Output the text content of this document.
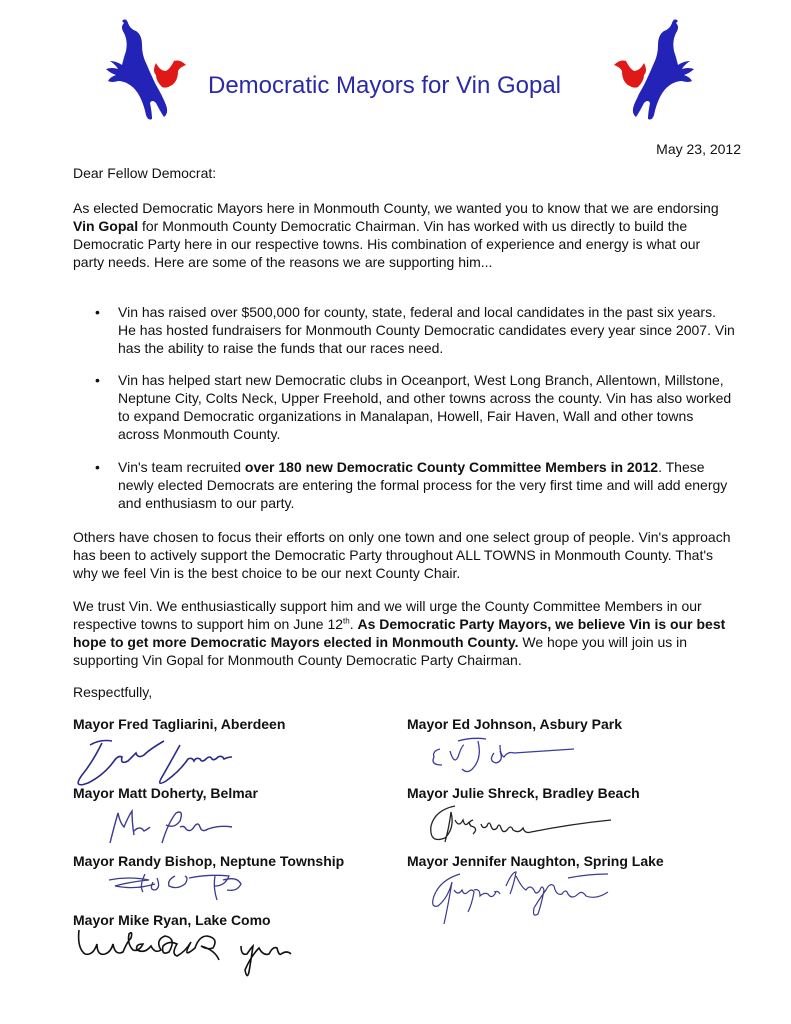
Democratic Mayors for Vin Gopal
May 23, 2012
Dear Fellow Democrat:
As elected Democratic Mayors here in Monmouth County, we wanted you to know that we are endorsing Vin Gopal for Monmouth County Democratic Chairman. Vin has worked with us directly to build the Democratic Party here in our respective towns. His combination of experience and energy is what our party needs. Here are some of the reasons we are supporting him...
• Vin has raised over $500,000 for county, state, federal and local candidates in the past six years. He has hosted fundraisers for Monmouth County Democratic candidates every year since 2007. Vin has the ability to raise the funds that our races need.
• Vin has helped start new Democratic clubs in Oceanport, West Long Branch, Allentown, Millstone, Neptune City, Colts Neck, Upper Freehold, and other towns across the county. Vin has also worked to expand Democratic organizations in Manalapan, Howell, Fair Haven, Wall and other towns across Monmouth County.
• Vin's team recruited over 180 new Democratic County Committee Members in 2012. These newly elected Democrats are entering the formal process for the very first time and will add energy and enthusiasm to our party.
Others have chosen to focus their efforts on only one town and one select group of people. Vin's approach has been to actively support the Democratic Party throughout ALL TOWNS in Monmouth County. That's why we feel Vin is the best choice to be our next County Chair.
We trust Vin. We enthusiastically support him and we will urge the County Committee Members in our respective towns to support him on June 12th. As Democratic Party Mayors, we believe Vin is our best hope to get more Democratic Mayors elected in Monmouth County. We hope you will join us in supporting Vin Gopal for Monmouth County Democratic Party Chairman.
Respectfully,
Mayor Fred Tagliarini, Aberdeen	Mayor Ed Johnson, Asbury Park
Mayor Matt Doherty, Belmar	Mayor Julie Shreck, Bradley Beach
Mayor Randy Bishop, Neptune Township	Mayor Jennifer Naughton, Spring Lake
Mayor Mike Ryan, Lake Como
